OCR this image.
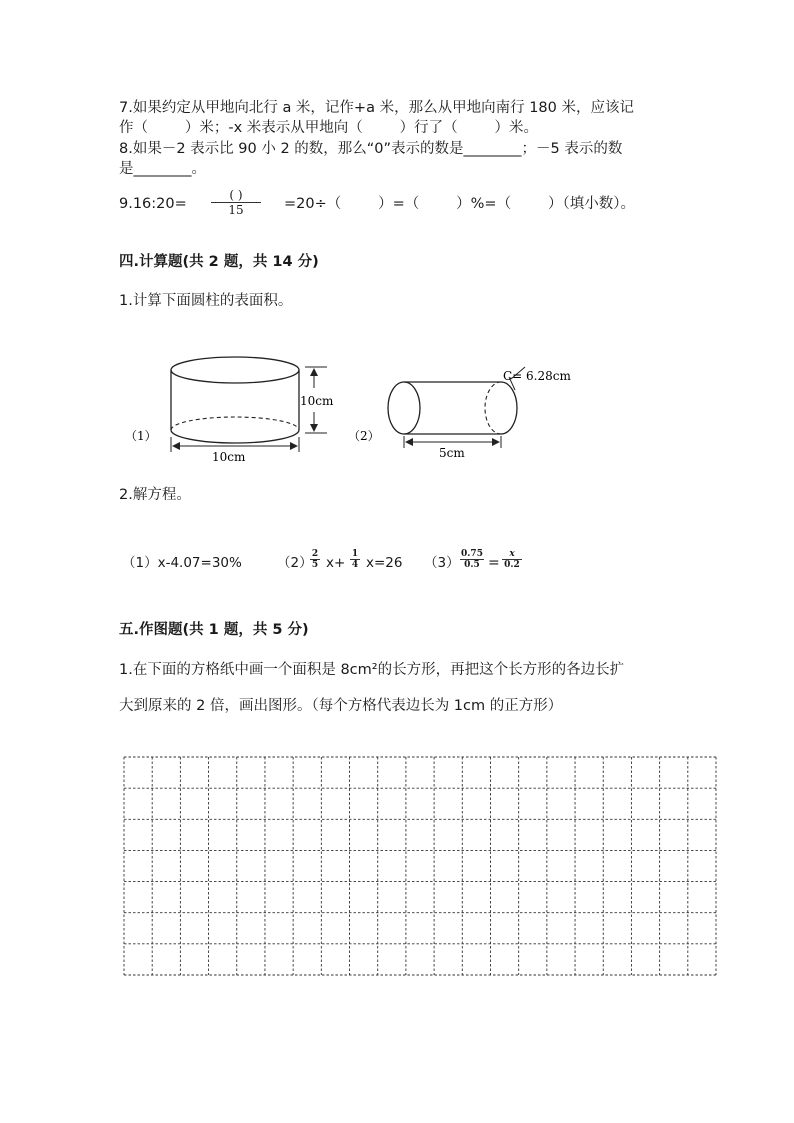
7.如果约定从甲地向北行 a 米，记作+a 米，那么从甲地向南行 180 米，应该记
作（        ）米；-x 米表示从甲地向（        ）行了（        ）米。
8.如果－2 表示比 90 小 2 的数，那么“0”表示的数是________；－5 表示的数
是________。
9.16:20=
( )
15	=20÷（        ）=（        ）%=（        ）（填小数）。
四.计算题(共 2 题，共 14 分)
1.计算下面圆柱的表面积。
（1）
10cm
10cm
（2）
C= 6.28cm
5cm
2.解方程。
（1）x-4.07=30%	（2）
2
5 x+
1
4 x=26 （3）
0.75
0.5 =
x
0.2
五.作图题(共 1 题，共 5 分)
1.在下面的方格纸中画一个面积是 8cm²的长方形，再把这个长方形的各边长扩
大到原来的 2 倍，画出图形。（每个方格代表边长为 1cm 的正方形）
